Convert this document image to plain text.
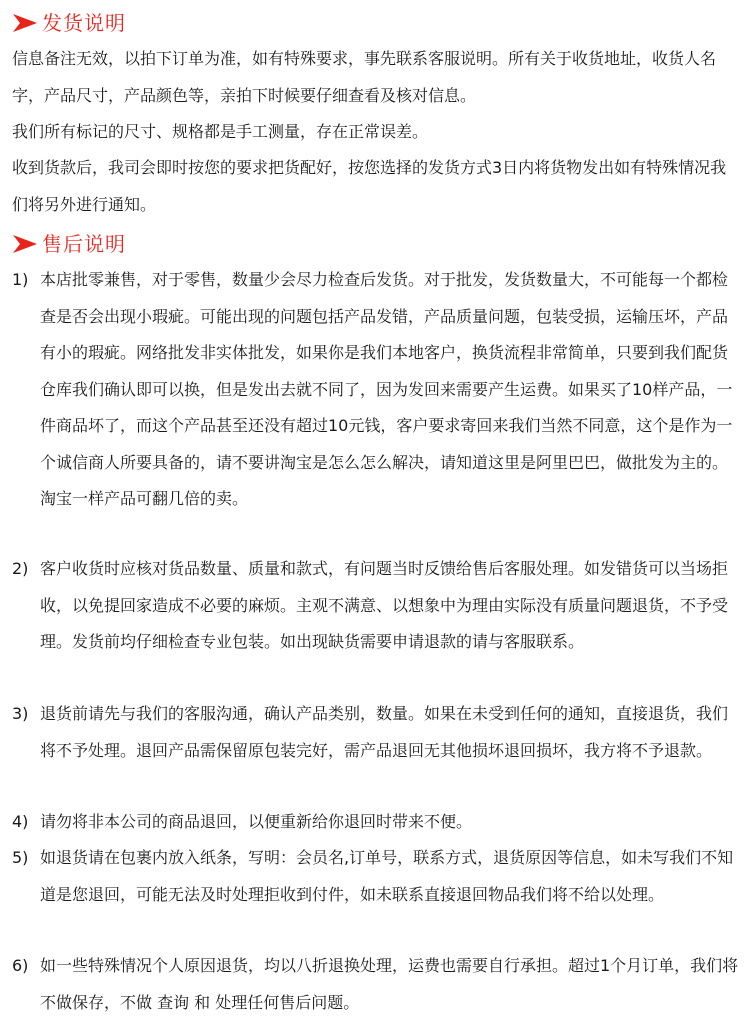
发货说明

信息备注无效，以拍下订单为准，如有特殊要求，事先联系客服说明。所有关于收货地址，收货人名字，产品尺寸，产品颜色等，亲拍下时候要仔细查看及核对信息。

我们所有标记的尺寸、规格都是手工测量，存在正常误差。

收到货款后，我司会即时按您的要求把货配好，按您选择的发货方式3日内将货物发出如有特殊情况我们将另外进行通知。

售后说明
1) 本店批零兼售，对于零售，数量少会尽力检查后发货。对于批发，发货数量大，不可能每一个都检查是否会出现小瑕疵。可能出现的问题包括产品发错，产品质量问题，包装受损，运输压坏，产品有小的瑕疵。网络批发非实体批发，如果你是我们本地客户，换货流程非常简单，只要到我们配货仓库我们确认即可以换，但是发出去就不同了，因为发回来需要产生运费。如果买了10样产品，一件商品坏了，而这个产品甚至还没有超过10元钱，客户要求寄回来我们当然不同意，这个是作为一个诚信商人所要具备的，请不要讲淘宝是怎么怎么解决，请知道这里是阿里巴巴，做批发为主的。淘宝一样产品可翻几倍的卖。

2) 客户收货时应核对货品数量、质量和款式，有问题当时反馈给售后客服处理。如发错货可以当场拒收，以免提回家造成不必要的麻烦。主观不满意、以想象中为理由实际没有质量问题退货，不予受理。发货前均仔细检查专业包装。如出现缺货需要申请退款的请与客服联系。

3) 退货前请先与我们的客服沟通，确认产品类别，数量。如果在未受到任何的通知，直接退货，我们将不予处理。退回产品需保留原包装完好，需产品退回无其他损坏退回损坏，我方将不予退款。

4) 请勿将非本公司的商品退回，以便重新给你退回时带来不便。

5) 如退货请在包裹内放入纸条，写明：会员名,订单号，联系方式，退货原因等信息，如未写我们不知道是您退回，可能无法及时处理拒收到付件，如未联系直接退回物品我们将不给以处理。

6) 如一些特殊情况个人原因退货，均以八折退换处理，运费也需要自行承担。超过1个月订单，我们将不做保存，不做 查询 和 处理任何售后问题。
